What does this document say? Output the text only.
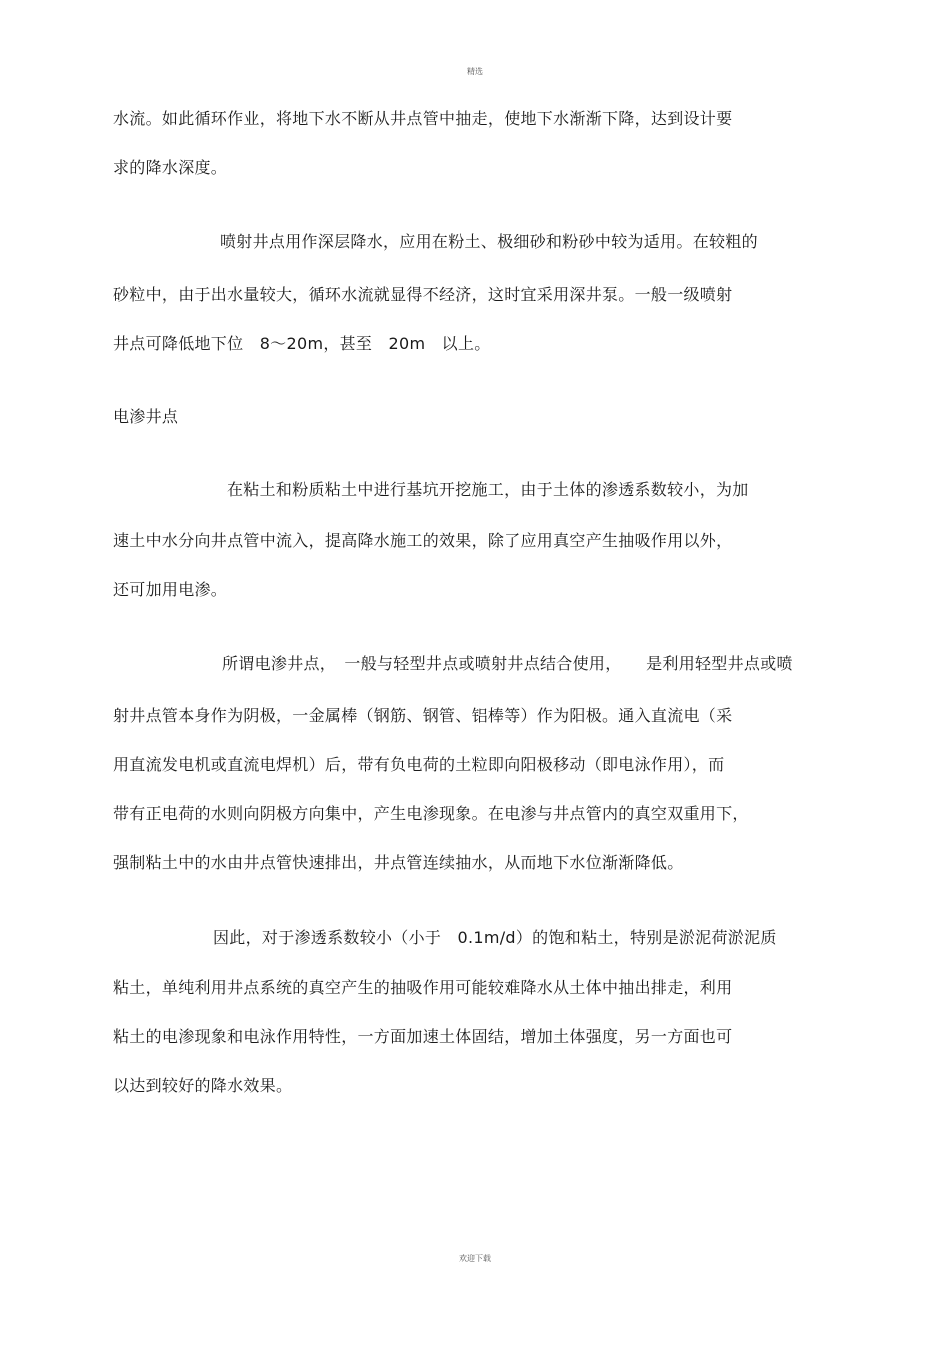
精选
水流。如此循环作业，将地下水不断从井点管中抽走，使地下水渐渐下降，达到设计要
求的降水深度。
喷射井点用作深层降水，应用在粉土、极细砂和粉砂中较为适用。在较粗的
砂粒中，由于出水量较大，循环水流就显得不经济，这时宜采用深井泵。一般一级喷射
井点可降低地下位　8～20m，甚至　20m　以上。
电渗井点
在粘土和粉质粘土中进行基坑开挖施工，由于土体的渗透系数较小，为加
速土中水分向井点管中流入，提高降水施工的效果，除了应用真空产生抽吸作用以外，
还可加用电渗。
所谓电渗井点，　一般与轻型井点或喷射井点结合使用，　　是利用轻型井点或喷
射井点管本身作为阴极，一金属棒（钢筋、钢管、铝棒等）作为阳极。通入直流电（采
用直流发电机或直流电焊机）后，带有负电荷的土粒即向阳极移动（即电泳作用），而
带有正电荷的水则向阴极方向集中，产生电渗现象。在电渗与井点管内的真空双重用下，
强制粘土中的水由井点管快速排出，井点管连续抽水，从而地下水位渐渐降低。
因此，对于渗透系数较小（小于　0.1m/d）的饱和粘土，特别是淤泥荷淤泥质
粘土，单纯利用井点系统的真空产生的抽吸作用可能较难降水从土体中抽出排走，利用
粘土的电渗现象和电泳作用特性，一方面加速土体固结，增加土体强度，另一方面也可
以达到较好的降水效果。
欢迎下载
